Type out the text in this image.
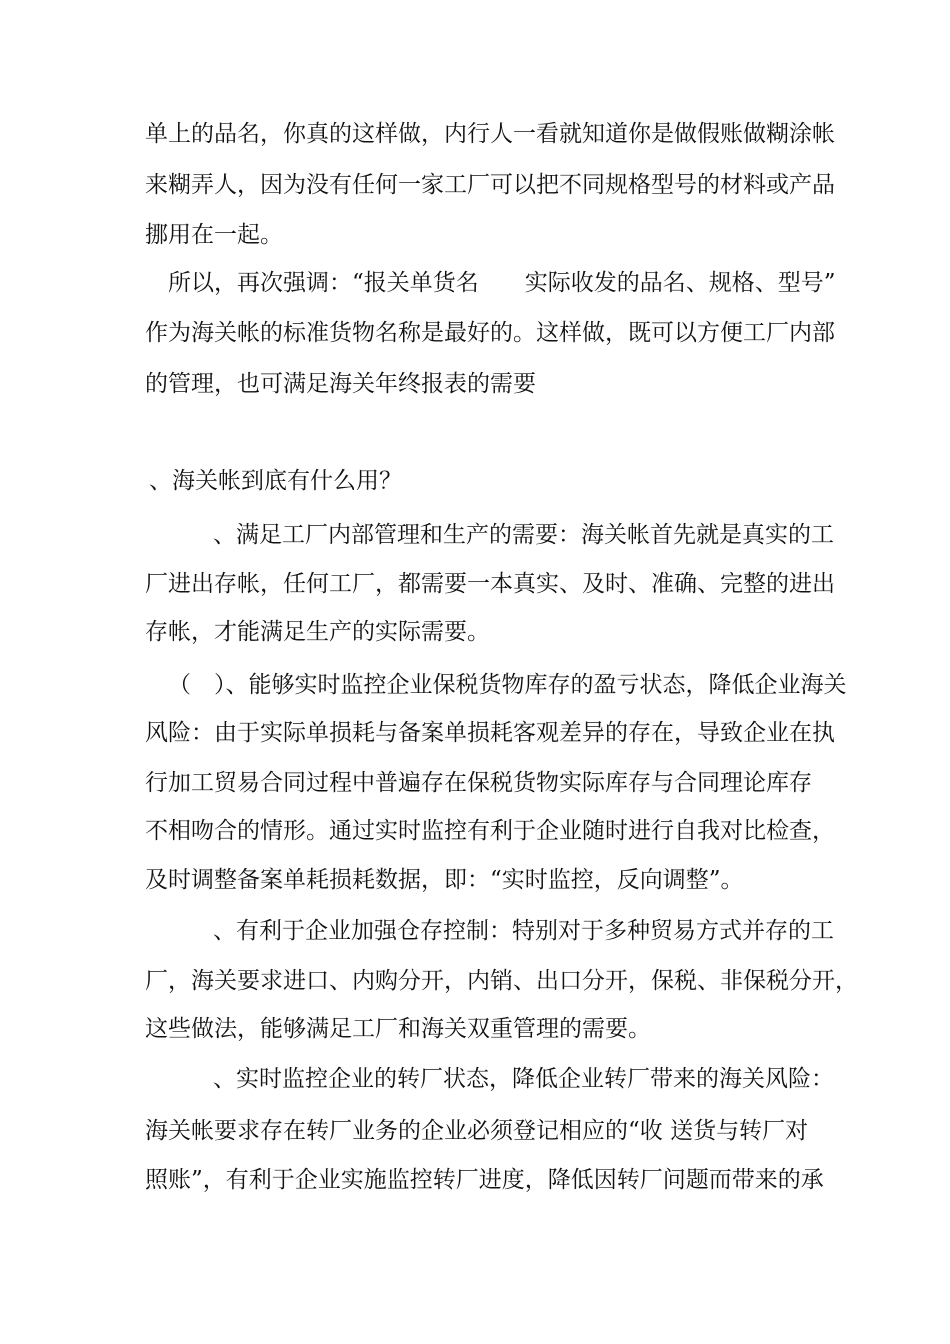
单上的品名，你真的这样做，内行人一看就知道你是做假账做糊涂帐
来糊弄人，因为没有任何一家工厂可以把不同规格型号的材料或产品
挪用在一起。
所以，再次强调：“报关单货名　　实际收发的品名、规格、型号”
作为海关帐的标准货物名称是最好的。这样做，既可以方便工厂内部
的管理，也可满足海关年终报表的需要
、海关帐到底有什么用？
、满足工厂内部管理和生产的需要：海关帐首先就是真实的工
厂进出存帐，任何工厂，都需要一本真实、及时、准确、完整的进出
存帐，才能满足生产的实际需要。
（　）、能够实时监控企业保税货物库存的盈亏状态，降低企业海关
风险：由于实际单损耗与备案单损耗客观差异的存在，导致企业在执
行加工贸易合同过程中普遍存在保税货物实际库存与合同理论库存
不相吻合的情形。通过实时监控有利于企业随时进行自我对比检查，
及时调整备案单耗损耗数据，即：“实时监控，反向调整”。
、有利于企业加强仓存控制：特别对于多种贸易方式并存的工
厂，海关要求进口、内购分开，内销、出口分开，保税、非保税分开，
这些做法，能够满足工厂和海关双重管理的需要。
、实时监控企业的转厂状态，降低企业转厂带来的海关风险：
海关帐要求存在转厂业务的企业必须登记相应的“收 送货与转厂对
照账”，有利于企业实施监控转厂进度，降低因转厂问题而带来的承
